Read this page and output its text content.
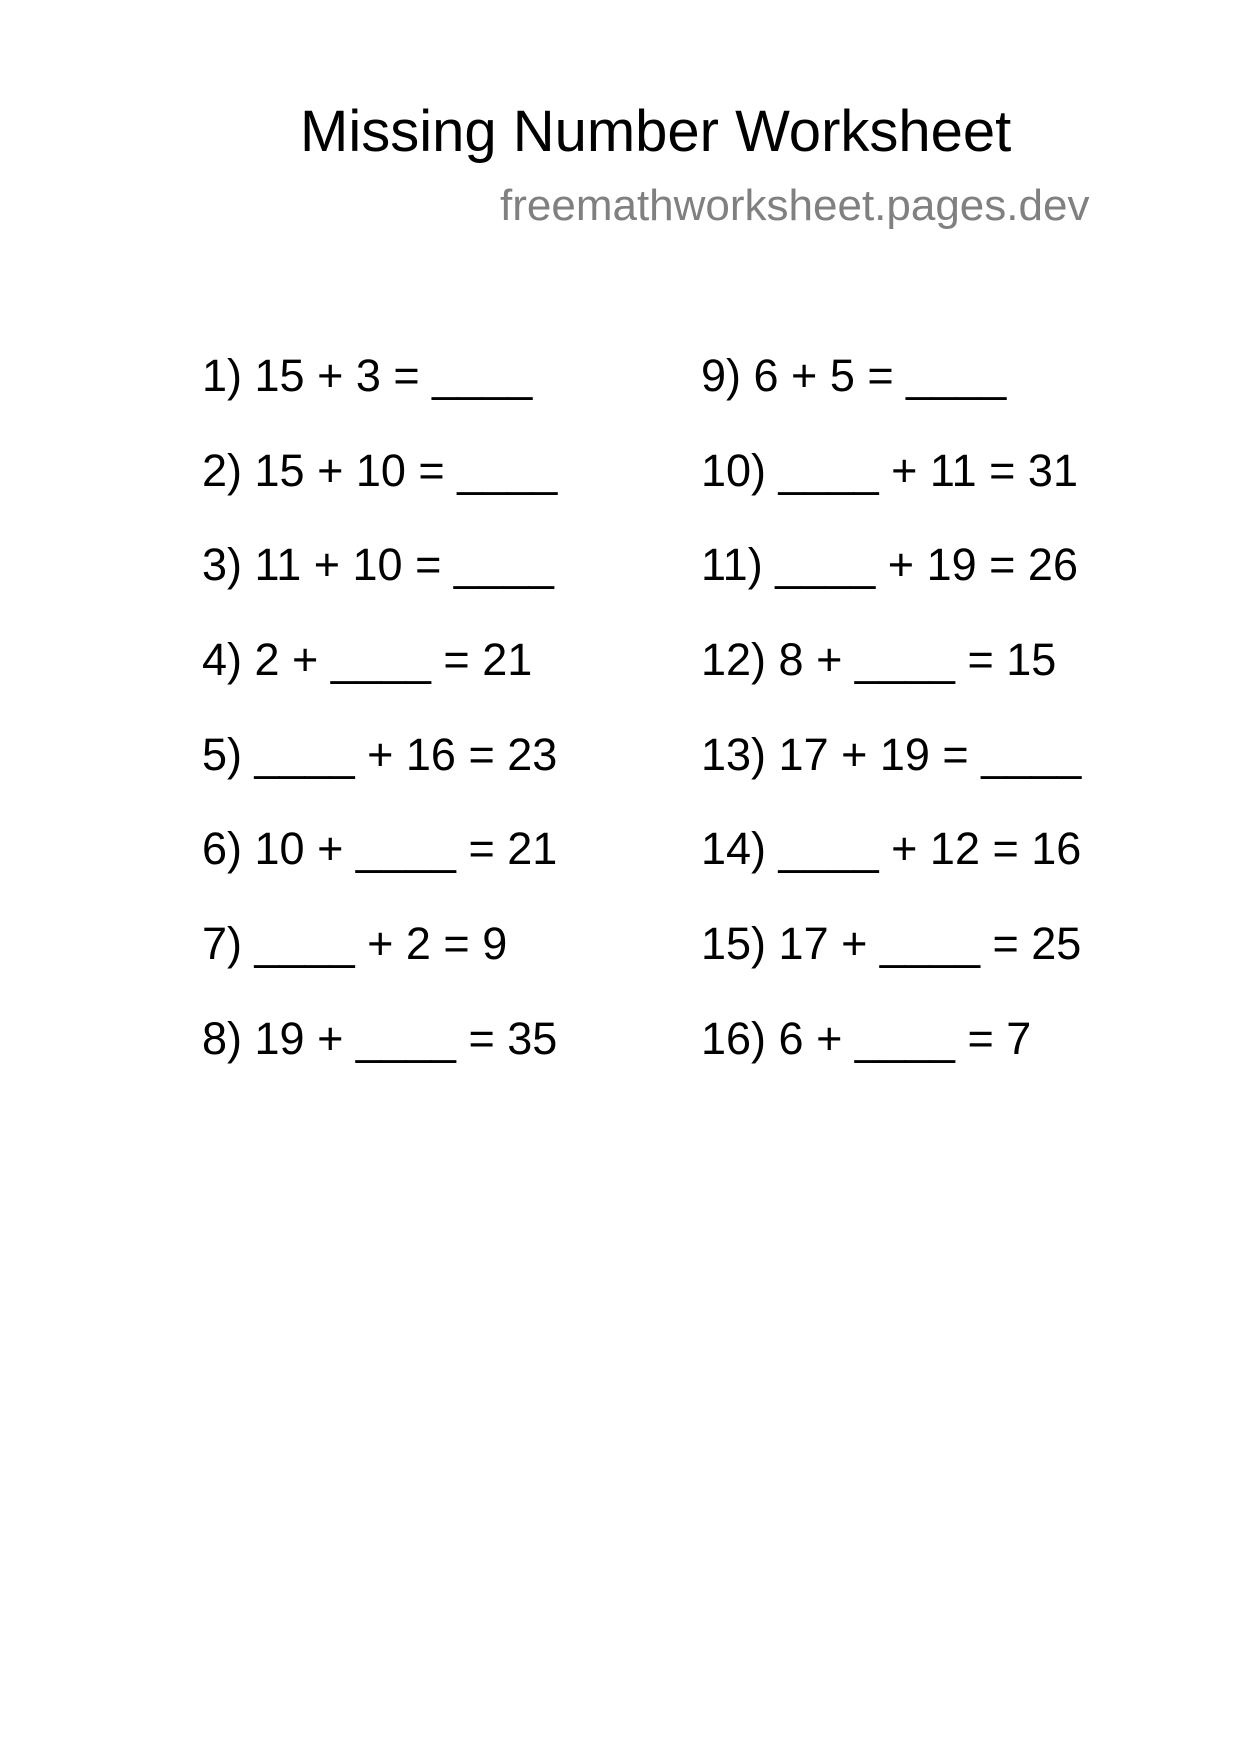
Missing Number Worksheet
freemathworksheet.pages.dev
1) 15 + 3 = ____
2) 15 + 10 = ____
3) 11 + 10 = ____
4) 2 + ____ = 21
5) ____ + 16 = 23
6) 10 + ____ = 21
7) ____ + 2 = 9
8) 19 + ____ = 35
9) 6 + 5 = ____
10) ____ + 11 = 31
11) ____ + 19 = 26
12) 8 + ____ = 15
13) 17 + 19 = ____
14) ____ + 12 = 16
15) 17 + ____ = 25
16) 6 + ____ = 7
